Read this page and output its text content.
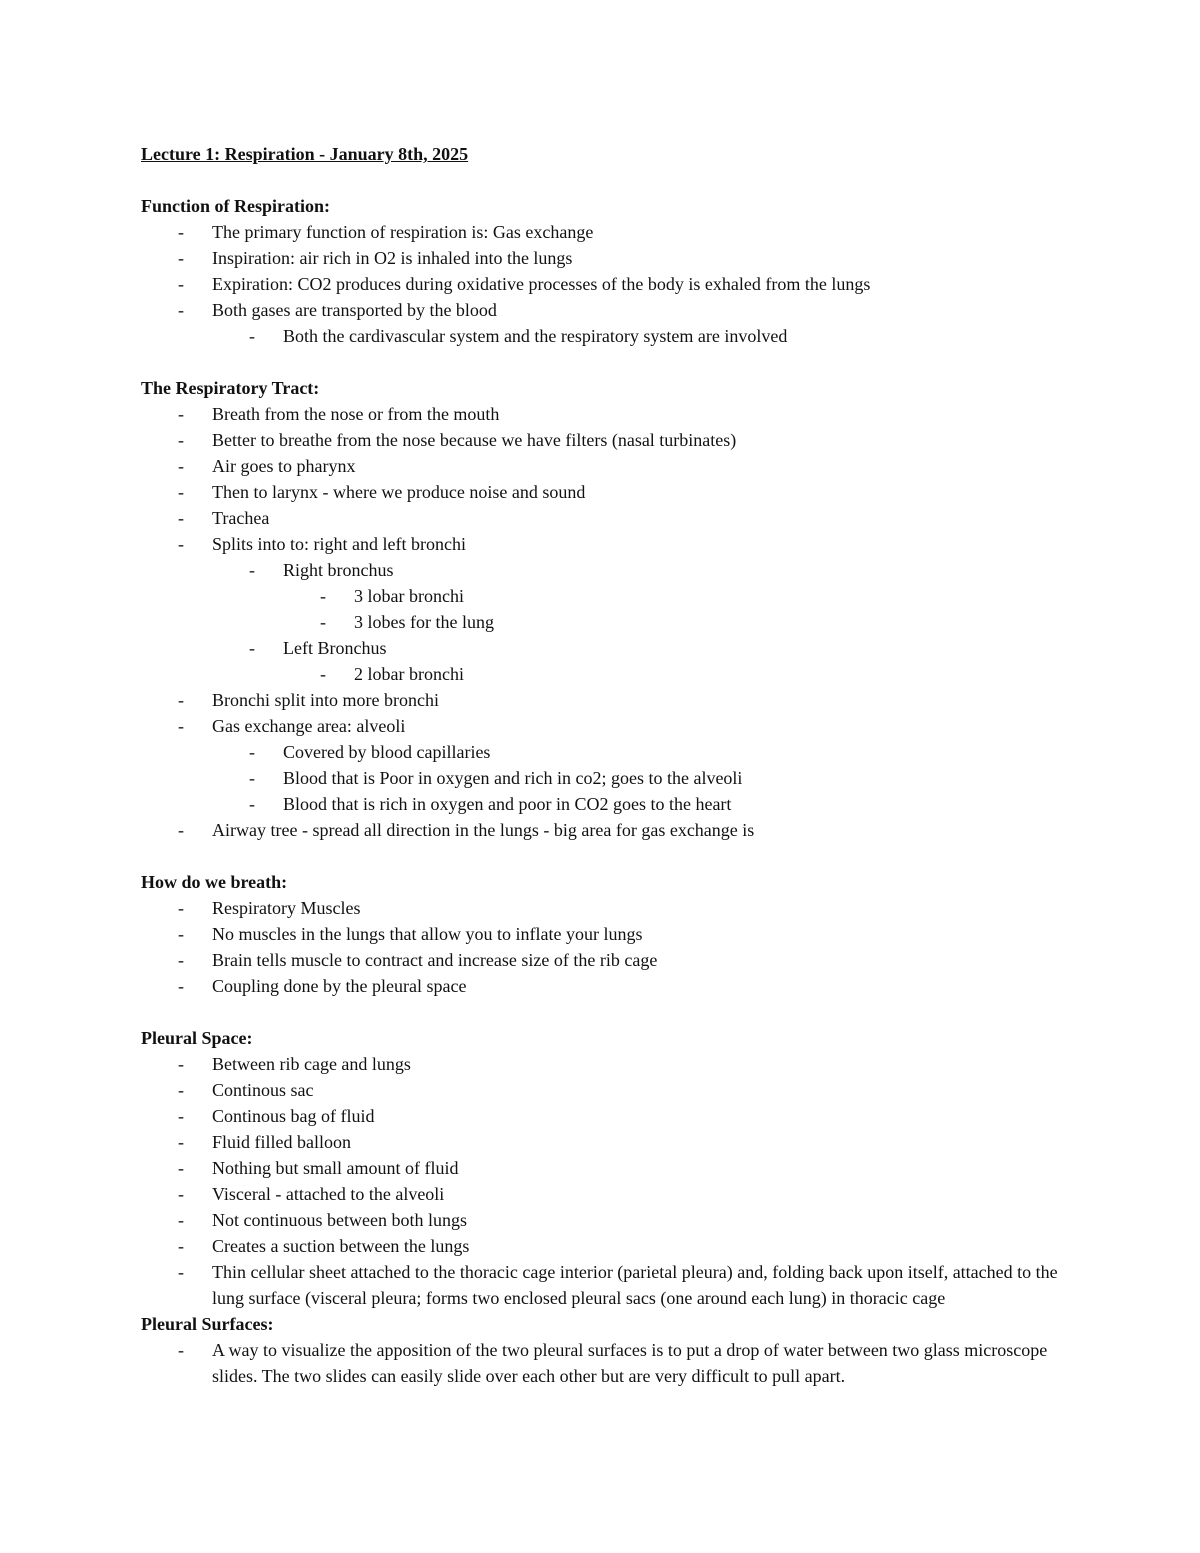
Lecture 1: Respiration - January 8th, 2025
Function of Respiration:
- The primary function of respiration is: Gas exchange
- Inspiration: air rich in O2 is inhaled into the lungs
- Expiration: CO2 produces during oxidative processes of the body is exhaled from the lungs
- Both gases are transported by the blood
- Both the cardivascular system and the respiratory system are involved
The Respiratory Tract:
- Breath from the nose or from the mouth
- Better to breathe from the nose because we have filters (nasal turbinates)
- Air goes to pharynx
- Then to larynx - where we produce noise and sound
- Trachea
- Splits into to: right and left bronchi
- Right bronchus
- 3 lobar bronchi
- 3 lobes for the lung
- Left Bronchus
- 2 lobar bronchi
- Bronchi split into more bronchi
- Gas exchange area: alveoli
- Covered by blood capillaries
- Blood that is Poor in oxygen and rich in co2; goes to the alveoli
- Blood that is rich in oxygen and poor in CO2 goes to the heart
- Airway tree - spread all direction in the lungs - big area for gas exchange is
How do we breath:
- Respiratory Muscles
- No muscles in the lungs that allow you to inflate your lungs
- Brain tells muscle to contract and increase size of the rib cage
- Coupling done by the pleural space
Pleural Space:
- Between rib cage and lungs
- Continous sac
- Continous bag of fluid
- Fluid filled balloon
- Nothing but small amount of fluid
- Visceral - attached to the alveoli
- Not continuous between both lungs
- Creates a suction between the lungs
- Thin cellular sheet attached to the thoracic cage interior (parietal pleura) and, folding back upon itself, attached to the lung surface (visceral pleura; forms two enclosed pleural sacs (one around each lung) in thoracic cage
Pleural Surfaces:
- A way to visualize the apposition of the two pleural surfaces is to put a drop of water between two glass microscope slides. The two slides can easily slide over each other but are very difficult to pull apart.
